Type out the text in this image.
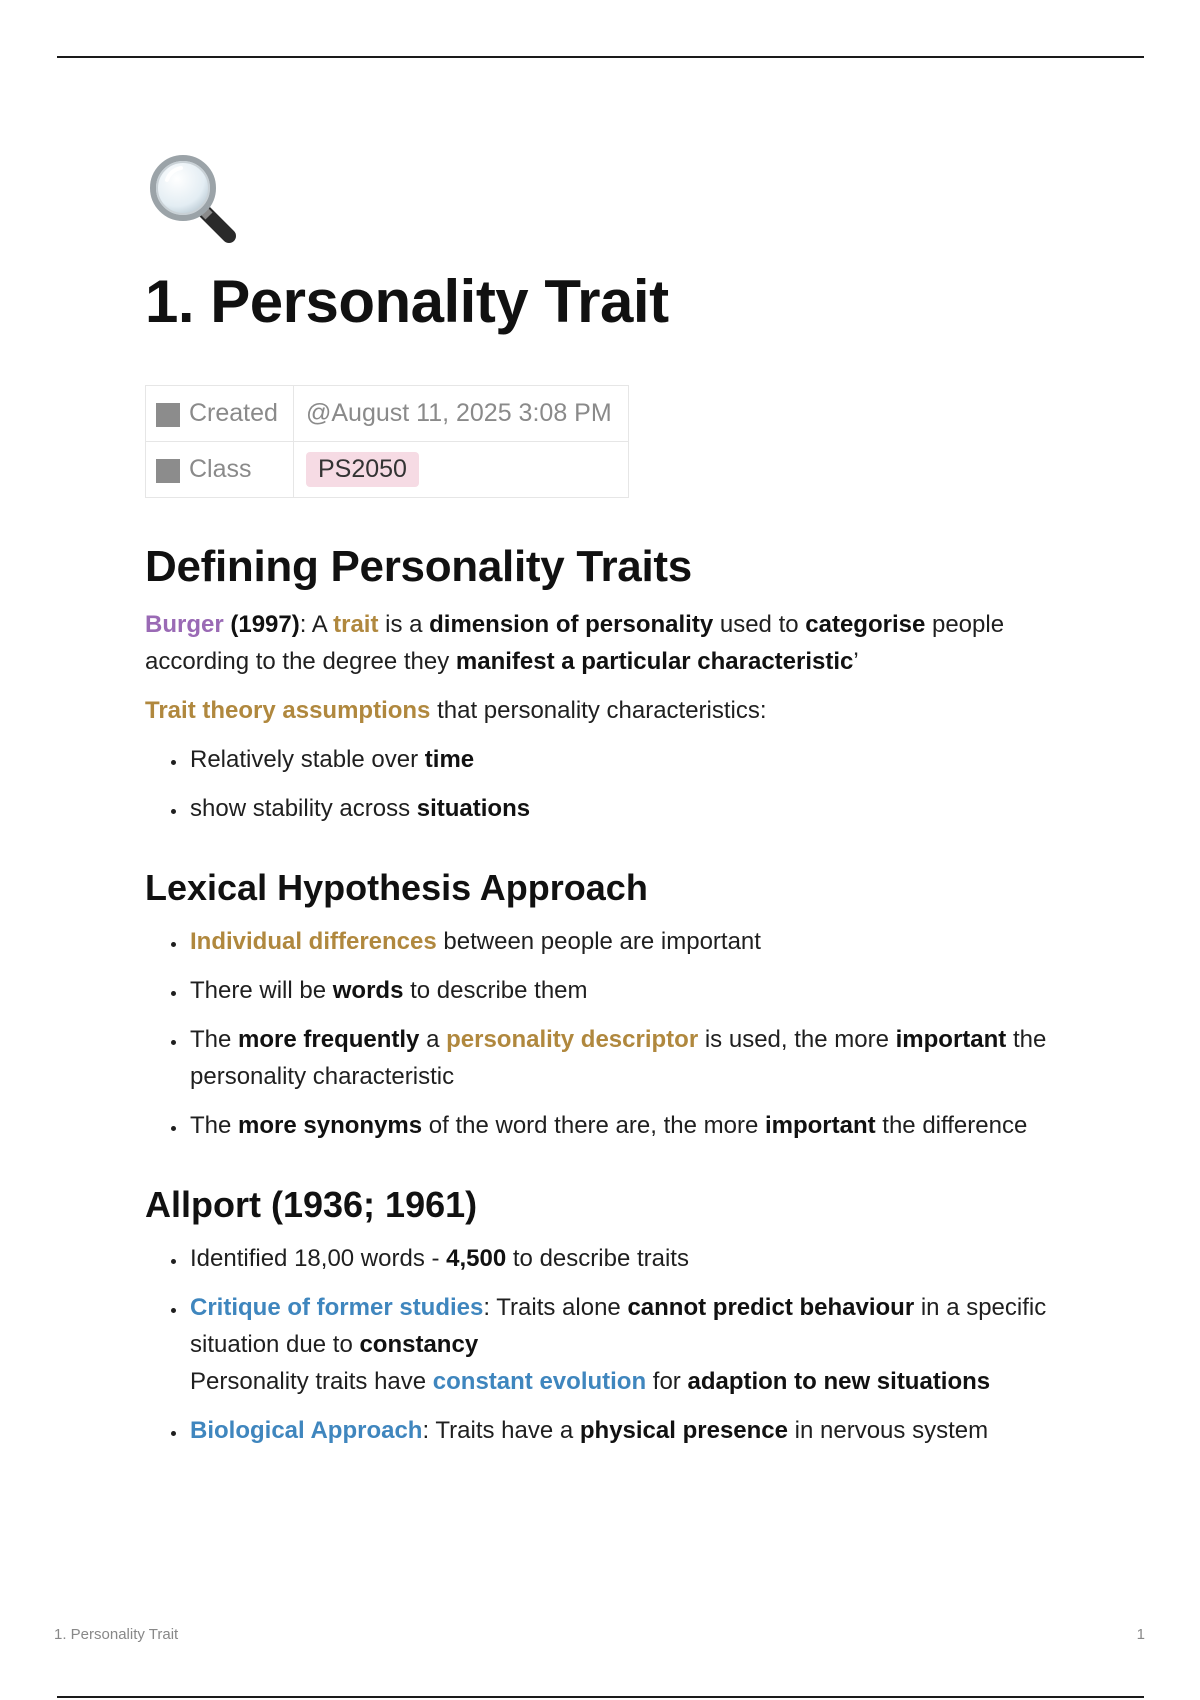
1. Personality Trait
Created	@August 11, 2025 3:08 PM
Class	PS2050
Defining Personality Traits

Burger (1997): A trait is a dimension of personality used to categorise people according to the degree they manifest a particular characteristic’

Trait theory assumptions that personality characteristics:

• Relatively stable over time
• show stability across situations
Lexical Hypothesis Approach
• Individual differences between people are important
• There will be words to describe them
• The more frequently a personality descriptor is used, the more important the personality characteristic
• The more synonyms of the word there are, the more important the difference
Allport (1936; 1961)
• Identified 18,00 words - 4,500 to describe traits
• Critique of former studies: Traits alone cannot predict behaviour in a specific situation due to constancy
Personality traits have constant evolution for adaption to new situations
• Biological Approach: Traits have a physical presence in nervous system
1. Personality Trait	1
